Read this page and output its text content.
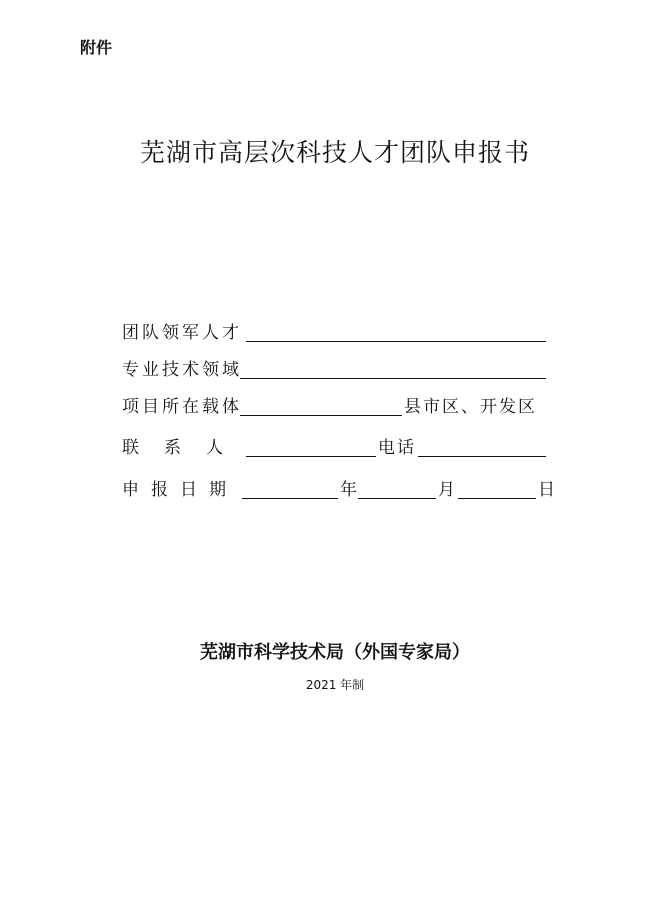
附件
芜湖市高层次科技人才团队申报书
团队领军人才
专业技术领域
项目所在载体	县市区、开发区
联　系　人	电话
申报日期	年	月	日
芜湖市科学技术局（外国专家局）
2021 年制
